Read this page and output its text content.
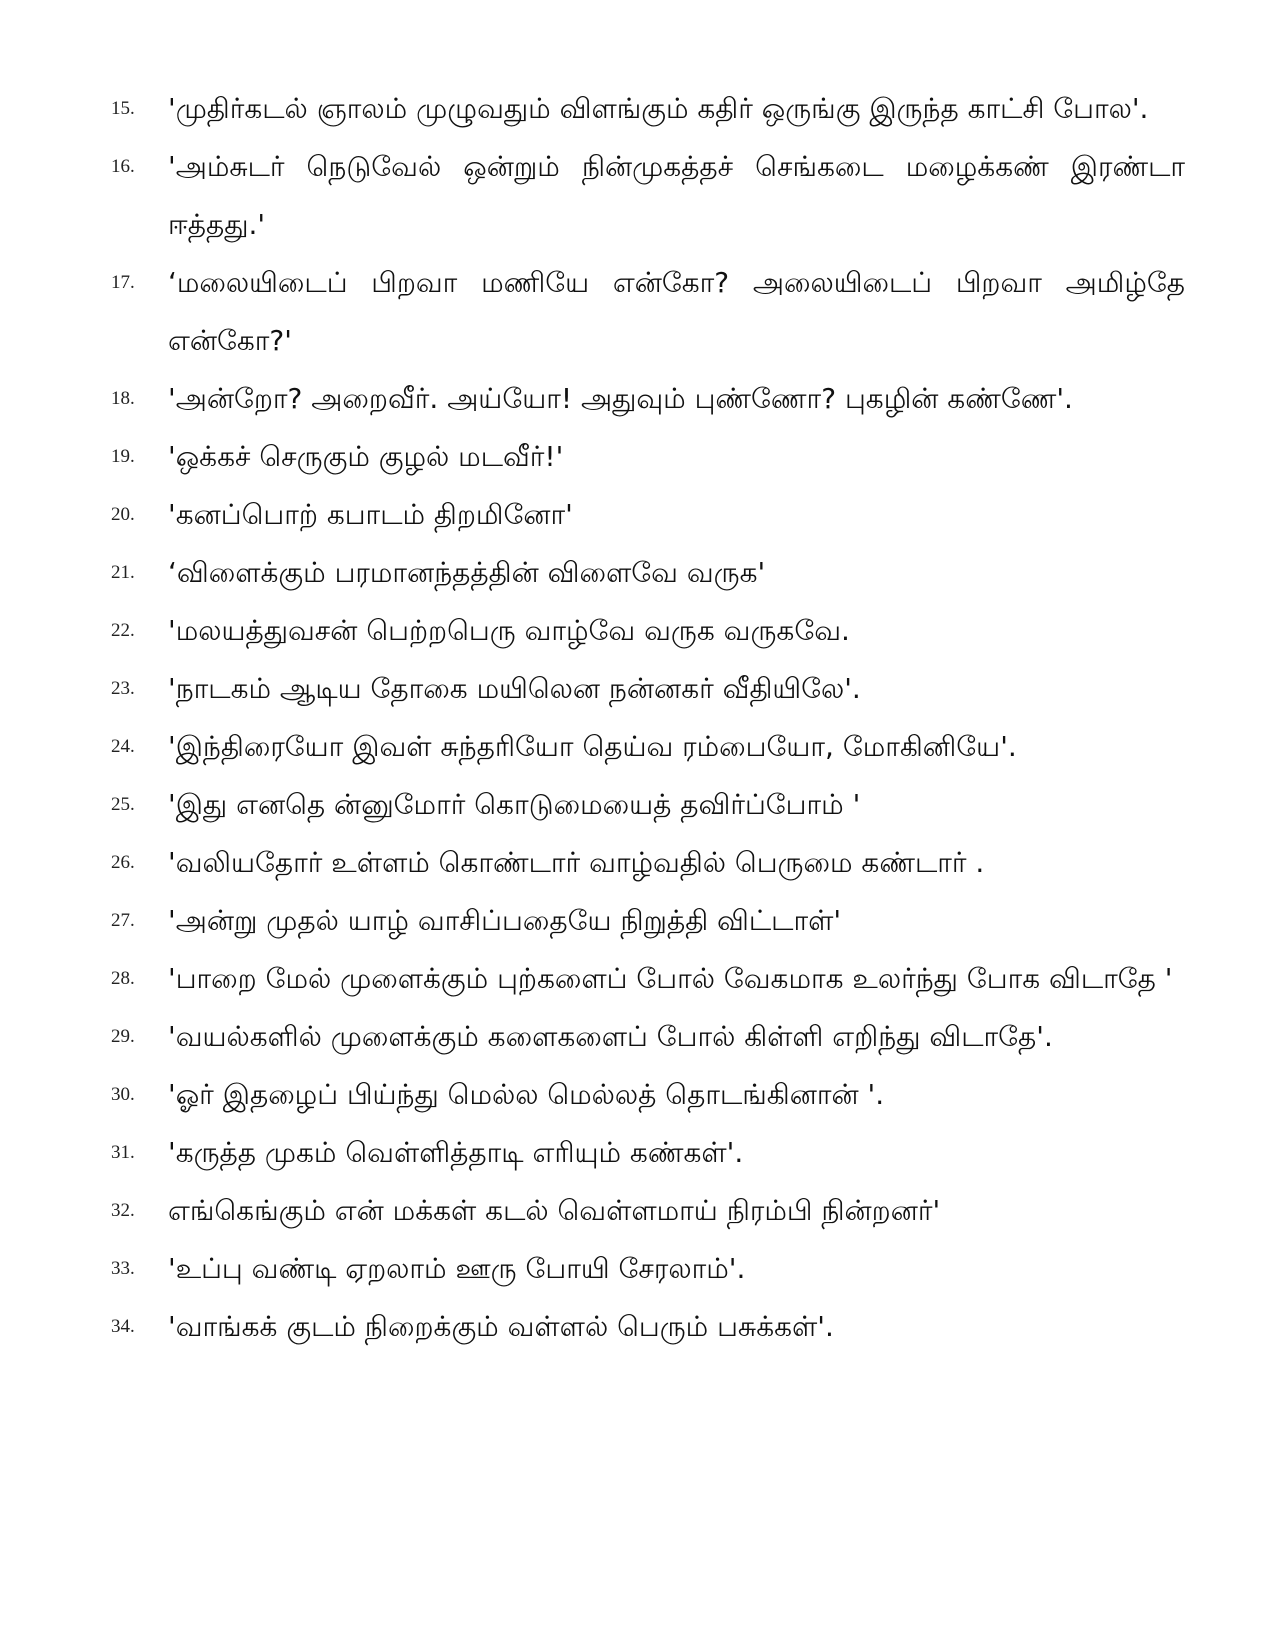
15. 'முதிர்கடல் ஞாலம் முழுவதும் விளங்கும் கதிர் ஒருங்கு இருந்த காட்சி போல'.
16. 'அம்சுடர் நெடுவேல் ஒன்றும் நின்முகத்தச் செங்கடை மழைக்கண் இரண்டா ஈத்தது.'
17. ‘மலையிடைப் பிறவா மணியே என்கோ? அலையிடைப் பிறவா அமிழ்தே என்கோ?'
18. 'அன்றோ? அறைவீர். அய்யோ! அதுவும் புண்ணோ? புகழின் கண்ணே'.
19. 'ஒக்கச் செருகும் குழல் மடவீர்!'
20. 'கனப்பொற் கபாடம் திறமினோ'
21. ‘விளைக்கும் பரமானந்தத்தின் விளைவே வருக'
22. 'மலயத்துவசன் பெற்றபெரு வாழ்வே வருக வருகவே.
23. 'நாடகம் ஆடிய தோகை மயிலென நன்னகர் வீதியிலே'.
24. 'இந்திரையோ இவள் சுந்தரியோ தெய்வ ரம்பையோ, மோகினியே'.
25. 'இது எனதெ ன்னுமோர் கொடுமையைத் தவிர்ப்போம் '
26. 'வலியதோர் உள்ளம் கொண்டார் வாழ்வதில் பெருமை கண்டார் .
27. 'அன்று முதல் யாழ் வாசிப்பதையே நிறுத்தி விட்டாள்'
28. 'பாறை மேல் முளைக்கும் புற்களைப் போல் வேகமாக உலர்ந்து போக விடாதே '
29. 'வயல்களில் முளைக்கும் களைகளைப் போல் கிள்ளி எறிந்து விடாதே'.
30. 'ஓர் இதழைப் பிய்ந்து மெல்ல மெல்லத் தொடங்கினான் '.
31. 'கருத்த முகம் வெள்ளித்தாடி எரியும் கண்கள்'.
32. எங்கெங்கும் என் மக்கள் கடல் வெள்ளமாய் நிரம்பி நின்றனர்'
33. 'உப்பு வண்டி ஏறலாம் ஊரு போயி சேரலாம்'.
34. 'வாங்கக் குடம் நிறைக்கும் வள்ளல் பெரும் பசுக்கள்'.
